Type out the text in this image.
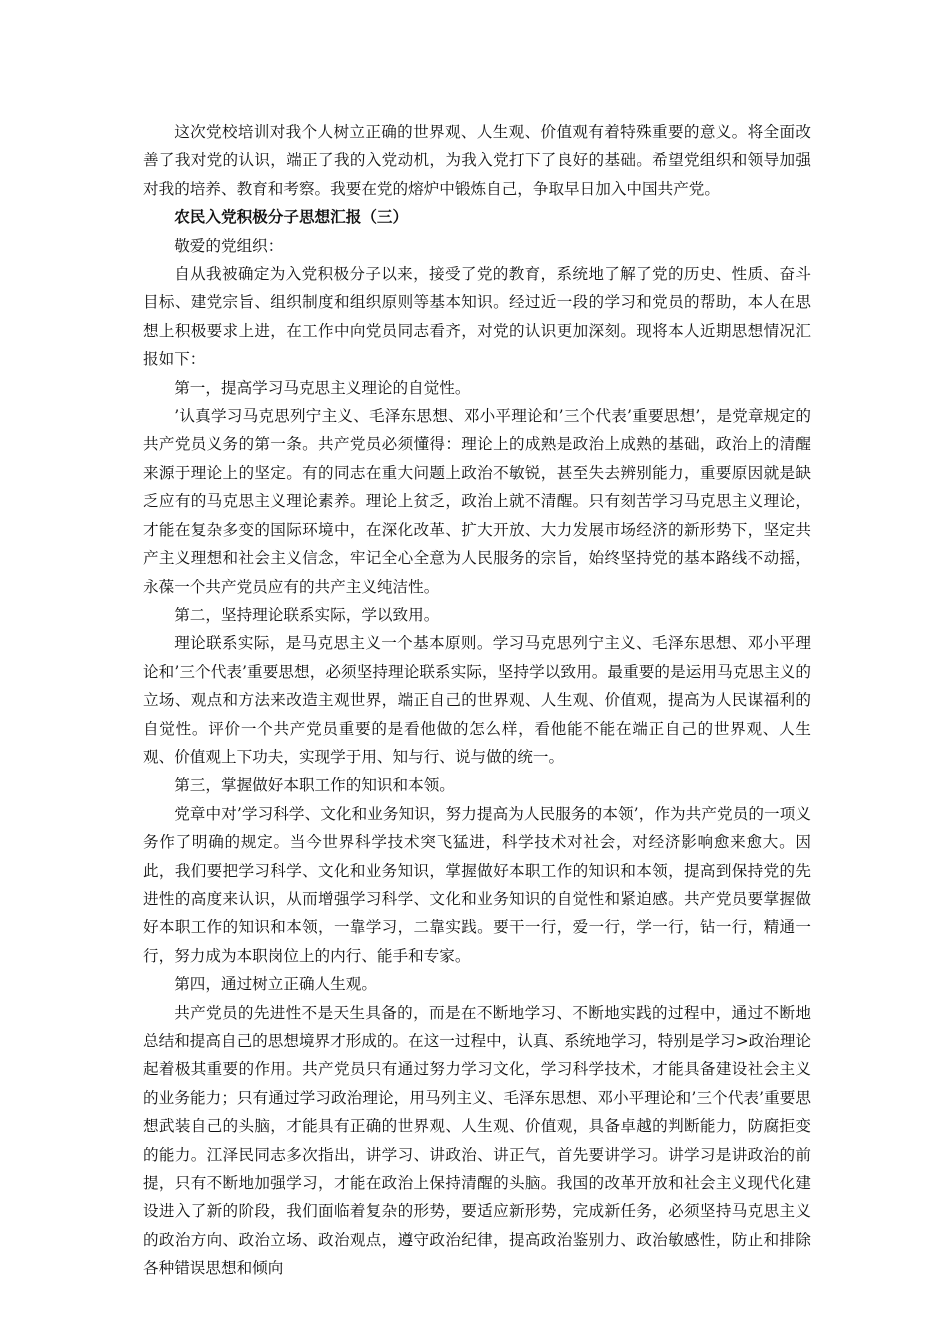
这次党校培训对我个人树立正确的世界观、人生观、价值观有着特殊重要的意义。将全面改善了我对党的认识，端正了我的入党动机，为我入党打下了良好的基础。希望党组织和领导加强对我的培养、教育和考察。我要在党的熔炉中锻炼自己，争取早日加入中国共产党。

农民入党积极分子思想汇报（三）

敬爱的党组织：

自从我被确定为入党积极分子以来，接受了党的教育，系统地了解了党的历史、性质、奋斗目标、建党宗旨、组织制度和组织原则等基本知识。经过近一段的学习和党员的帮助，本人在思想上积极要求上进，在工作中向党员同志看齐，对党的认识更加深刻。现将本人近期思想情况汇报如下：

第一，提高学习马克思主义理论的自觉性。

’认真学习马克思列宁主义、毛泽东思想、邓小平理论和’三个代表’重要思想’，是党章规定的共产党员义务的第一条。共产党员必须懂得：理论上的成熟是政治上成熟的基础，政治上的清醒来源于理论上的坚定。有的同志在重大问题上政治不敏锐，甚至失去辨别能力，重要原因就是缺乏应有的马克思主义理论素养。理论上贫乏，政治上就不清醒。只有刻苦学习马克思主义理论，才能在复杂多变的国际环境中，在深化改革、扩大开放、大力发展市场经济的新形势下，坚定共产主义理想和社会主义信念，牢记全心全意为人民服务的宗旨，始终坚持党的基本路线不动摇，永葆一个共产党员应有的共产主义纯洁性。

第二，坚持理论联系实际，学以致用。

理论联系实际，是马克思主义一个基本原则。学习马克思列宁主义、毛泽东思想、邓小平理论和’三个代表’重要思想，必须坚持理论联系实际，坚持学以致用。最重要的是运用马克思主义的立场、观点和方法来改造主观世界，端正自己的世界观、人生观、价值观，提高为人民谋福利的自觉性。评价一个共产党员重要的是看他做的怎么样，看他能不能在端正自己的世界观、人生观、价值观上下功夫，实现学于用、知与行、说与做的统一。

第三，掌握做好本职工作的知识和本领。

党章中对’学习科学、文化和业务知识，努力提高为人民服务的本领’，作为共产党员的一项义务作了明确的规定。当今世界科学技术突飞猛进，科学技术对社会，对经济影响愈来愈大。因此，我们要把学习科学、文化和业务知识，掌握做好本职工作的知识和本领，提高到保持党的先进性的高度来认识，从而增强学习科学、文化和业务知识的自觉性和紧迫感。共产党员要掌握做好本职工作的知识和本领，一靠学习，二靠实践。要干一行，爱一行，学一行，钻一行，精通一行，努力成为本职岗位上的内行、能手和专家。

第四，通过树立正确人生观。

共产党员的先进性不是天生具备的，而是在不断地学习、不断地实践的过程中，通过不断地总结和提高自己的思想境界才形成的。在这一过程中，认真、系统地学习，特别是学习>政治理论起着极其重要的作用。共产党员只有通过努力学习文化，学习科学技术，才能具备建设社会主义的业务能力；只有通过学习政治理论，用马列主义、毛泽东思想、邓小平理论和’三个代表’重要思想武装自己的头脑，才能具有正确的世界观、人生观、价值观，具备卓越的判断能力，防腐拒变的能力。江泽民同志多次指出，讲学习、讲政治、讲正气，首先要讲学习。讲学习是讲政治的前提，只有不断地加强学习，才能在政治上保持清醒的头脑。我国的改革开放和社会主义现代化建设进入了新的阶段，我们面临着复杂的形势，要适应新形势，完成新任务，必须坚持马克思主义的政治方向、政治立场、政治观点，遵守政治纪律，提高政治鉴别力、政治敏感性，防止和排除各种错误思想和倾向
